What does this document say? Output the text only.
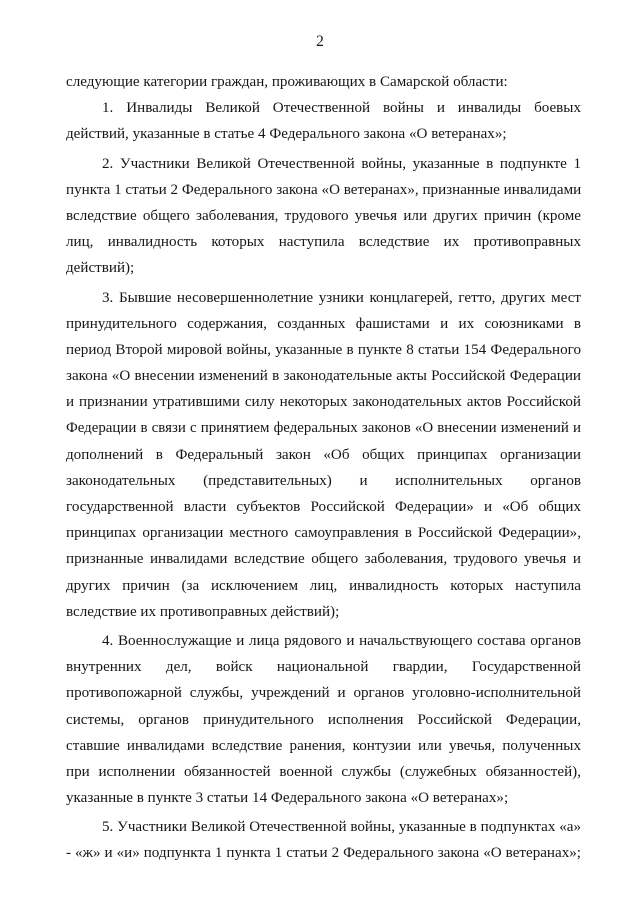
2
следующие категории граждан, проживающих в Самарской области:
1. Инвалиды Великой Отечественной войны и инвалиды боевых
действий, указанные в статье 4 Федерального закона «О ветеранах»;
2. Участники Великой Отечественной войны, указанные в подпункте 1
пункта 1 статьи 2 Федерального закона «О ветеранах», признанные инвалидами
вследствие общего заболевания, трудового увечья или других причин (кроме
лиц, инвалидность которых наступила вследствие их противоправных
действий);
3. Бывшие несовершеннолетние узники концлагерей, гетто, других мест
принудительного содержания, созданных фашистами и их союзниками в
период Второй мировой войны, указанные в пункте 8 статьи 154 Федерального
закона «О внесении изменений в законодательные акты Российской Федерации
и признании утратившими силу некоторых законодательных актов Российской
Федерации в связи с принятием федеральных законов «О внесении изменений и
дополнений в Федеральный закон «Об общих принципах организации
законодательных (представительных) и исполнительных органов
государственной власти субъектов Российской Федерации» и «Об общих
принципах организации местного самоуправления в Российской Федерации»,
признанные инвалидами вследствие общего заболевания, трудового увечья и
других причин (за исключением лиц, инвалидность которых наступила
вследствие их противоправных действий);
4. Военнослужащие и лица рядового и начальствующего состава органов
внутренних дел, войск национальной гвардии, Государственной
противопожарной службы, учреждений и органов уголовно-исполнительной
системы, органов принудительного исполнения Российской Федерации,
ставшие инвалидами вследствие ранения, контузии или увечья, полученных
при исполнении обязанностей военной службы (служебных обязанностей),
указанные в пункте 3 статьи 14 Федерального закона «О ветеранах»;
5. Участники Великой Отечественной войны, указанные в подпунктах «а»
- «ж» и «и» подпункта 1 пункта 1 статьи 2 Федерального закона «О ветеранах»;
